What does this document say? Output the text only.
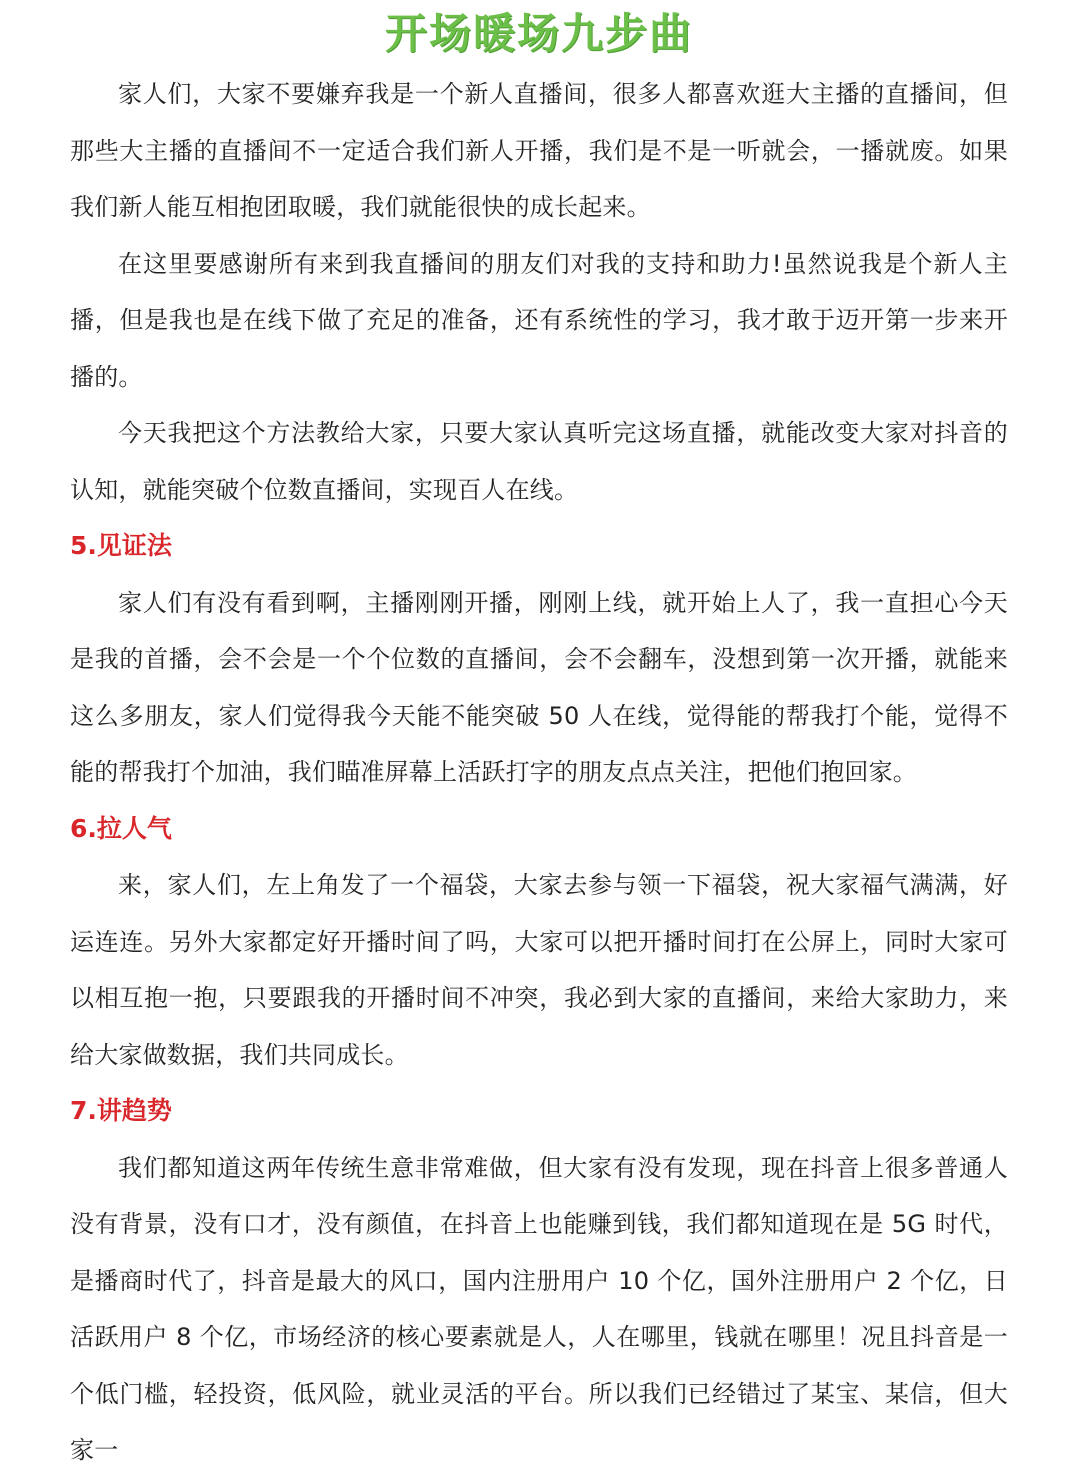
开场暖场九步曲

家人们，大家不要嫌弃我是一个新人直播间，很多人都喜欢逛大主播的直播间，但那些大主播的直播间不一定适合我们新人开播，我们是不是一听就会，一播就废。如果我们新人能互相抱团取暖，我们就能很快的成长起来。

在这里要感谢所有来到我直播间的朋友们对我的支持和助力!虽然说我是个新人主播，但是我也是在线下做了充足的准备，还有系统性的学习，我才敢于迈开第一步来开播的。

今天我把这个方法教给大家，只要大家认真听完这场直播，就能改变大家对抖音的认知，就能突破个位数直播间，实现百人在线。

5.见证法

家人们有没有看到啊，主播刚刚开播，刚刚上线，就开始上人了，我一直担心今天是我的首播，会不会是一个个位数的直播间，会不会翻车，没想到第一次开播，就能来这么多朋友，家人们觉得我今天能不能突破 50 人在线，觉得能的帮我打个能，觉得不能的帮我打个加油，我们瞄准屏幕上活跃打字的朋友点点关注，把他们抱回家。

6.拉人气

来，家人们，左上角发了一个福袋，大家去参与领一下福袋，祝大家福气满满，好运连连。另外大家都定好开播时间了吗，大家可以把开播时间打在公屏上，同时大家可以相互抱一抱，只要跟我的开播时间不冲突，我必到大家的直播间，来给大家助力，来给大家做数据，我们共同成长。

7.讲趋势

我们都知道这两年传统生意非常难做，但大家有没有发现，现在抖音上很多普通人没有背景，没有口才，没有颜值，在抖音上也能赚到钱，我们都知道现在是 5G 时代，是播商时代了，抖音是最大的风口，国内注册用户 10 个亿，国外注册用户 2 个亿，日活跃用户 8 个亿，市场经济的核心要素就是人，人在哪里，钱就在哪里！况且抖音是一个低门槛，轻投资，低风险，就业灵活的平台。所以我们已经错过了某宝、某信，但大家一
